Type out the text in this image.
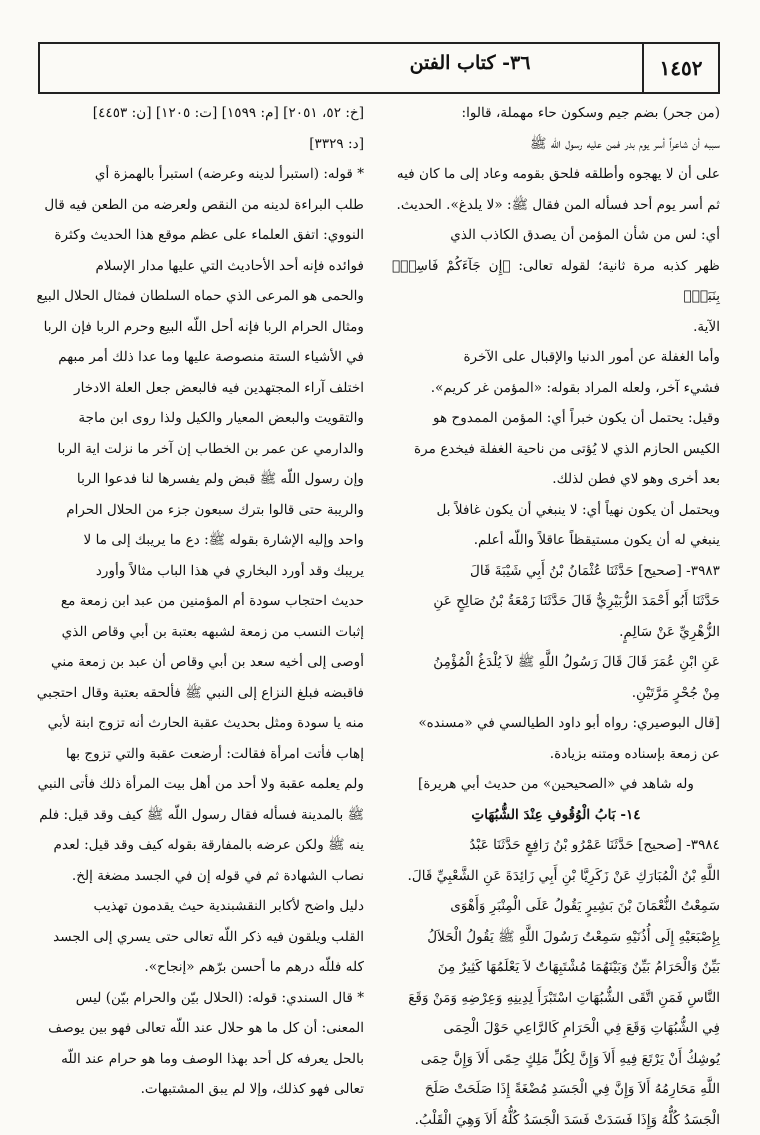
١٤٥٢
٣٦- كتاب الفتن

(من جحر) بضم جيم وسكون حاء مهملة، قالوا:

سببه أن شاعراً أسر يوم بدر فمن عليه رسول اللّه ﷺ

على أن لا يهجوه وأطلقه فلحق بقومه وعاد إلى ما كان فيه

ثم أسر يوم أحد فسأله المن فقال ﷺ: «لا يلدغ». الحديث.

أي: لس من شأن المؤمن أن يصدق الكاذب الذي

ظهر كذبه مرة ثانية؛ لقوله تعالى: ﴿إِن جَآءَكُمْ فَاسِقُۢ بِنَبَإٖ﴾

الآية.

وأما الغفلة عن أمور الدنيا والإقبال على الآخرة

فشيء آخر، ولعله المراد بقوله: «المؤمن غر كريم».

وقيل: يحتمل أن يكون خبراً أي: المؤمن الممدوح هو

الكيس الحازم الذي لا يُؤتى من ناحية الغفلة فيخدع مرة

بعد أخرى وهو لاي فطن لذلك.

ويحتمل أن يكون نهياً أي: لا ينبغي أن يكون غافلاً بل

ينبغي له أن يكون مستيقظاً عاقلاً واللّه أعلم.

٣٩٨٣- [صحيح] حَدَّثَنَا عُثْمَانُ بْنُ أَبِي شَيْبَةَ قَالَ

حَدَّثَنَا أَبُو أَحْمَدَ الزُّبَيْرِيُّ قَالَ حَدَّثَنَا زَمْعَةُ بْنُ صَالِحٍ عَنِ

الزُّهْرِيِّ عَنْ سَالِمٍ.

عَنِ ابْنِ عُمَرَ قَالَ قَالَ رَسُولُ اللَّهِ ﷺ لاَ يُلْدَغُ الْمُؤْمِنُ

مِنْ جُحْرٍ مَرَّتَيْنِ.

[قال البوصيري: رواه أبو داود الطيالسي في «مسنده»

عن زمعة بإسناده ومتنه بزيادة.

وله شاهد في «الصحيحين» من حديث أبي هريرة]

١٤- بَابُ الْوُقُوفِ عِنْدَ الشُّبُهَاتِ

٣٩٨٤- [صحيح] حَدَّثَنَا عَمْرُو بْنُ رَافِعٍ حَدَّثَنَا عَبْدُ

اللَّهِ بْنُ الْمُبَارَكِ عَنْ زَكَرِيَّا بْنِ أَبِي زَائِدَةَ عَنِ الشَّعْبِيِّ قَالَ.

سَمِعْتُ النُّعْمَانَ بْنَ بَشِيرٍ يَقُولُ عَلَى الْمِنْبَرِ وَأَهْوَى

بِإِصْبَعَيْهِ إِلَى أُذُنَيْهِ سَمِعْتُ رَسُولَ اللَّهِ ﷺ يَقُولُ الْحَلاَلُ

بَيِّنٌ وَالْحَرَامُ بَيِّنٌ وَبَيْنَهُمَا مُشْتَبِهَاتٌ لاَ يَعْلَمُهَا كَثِيرٌ مِنَ

النَّاسِ فَمَنِ اتَّقَى الشُّبُهَاتِ اسْتَبْرَأَ لِدِينِهِ وَعِرْضِهِ وَمَنْ وَقَعَ

فِي الشُّبُهَاتِ وَقَعَ فِي الْحَرَامِ كَالرَّاعِي حَوْلَ الْحِمَى

يُوشِكُ أَنْ يَرْتَعَ فِيهِ أَلاَ وَإِنَّ لِكُلِّ مَلِكٍ حِمًى أَلاَ وَإِنَّ حِمَى

اللَّهِ مَحَارِمُهُ أَلاَ وَإِنَّ فِي الْجَسَدِ مُضْغَةً إِذَا صَلَحَتْ صَلَحَ

الْجَسَدُ كُلُّهُ وَإِذَا فَسَدَتْ فَسَدَ الْجَسَدُ كُلُّهُ أَلاَ وَهِيَ الْقَلْبُ.

[خ: ٥٢، ٢٠٥١] [م: ١٥٩٩] [ت: ١٢٠٥] [ن: ٤٤٥٣]

[د: ٣٣٢٩]

* قوله: (استبرأ لدينه وعرضه) استبرأ بالهمزة أي

طلب البراءة لدينه من النقص ولعرضه من الطعن فيه قال

النووي: اتفق العلماء على عظم موقع هذا الحديث وكثرة

فوائده فإنه أحد الأحاديث التي عليها مدار الإسلام

والحمى هو المرعى الذي حماه السلطان فمثال الحلال البيع

ومثال الحرام الربا فإنه أحل اللّه البيع وحرم الربا فإن الربا

في الأشياء الستة منصوصة عليها وما عدا ذلك أمر مبهم

اختلف آراء المجتهدين فيه فالبعض جعل العلة الادخار

والتقويت والبعض المعيار والكيل ولذا روى ابن ماجة

والدارمي عن عمر بن الخطاب إن آخر ما نزلت اية الربا

وإن رسول اللّه ﷺ قبض ولم يفسرها لنا فدعوا الربا

والريبة حتى قالوا بترك سبعون جزء من الحلال الحرام

واحد وإليه الإشارة بقوله ﷺ: دع ما يريبك إلى ما لا

يريبك وقد أورد البخاري في هذا الباب مثالاً وأورد

حديث احتجاب سودة أم المؤمنين من عبد ابن زمعة مع

إثبات النسب من زمعة لشبهه بعتبة بن أبي وقاص الذي

أوصى إلى أخيه سعد بن أبي وقاص أن عبد بن زمعة مني

فاقبضه فبلغ النزاع إلى النبي ﷺ فألحقه بعتبة وقال احتجبي

منه يا سودة ومثل بحديث عقبة الحارث أنه تزوج ابنة لأبي

إهاب فأتت امرأة فقالت: أرضعت عقبة والتي تزوج بها

ولم يعلمه عقبة ولا أحد من أهل بيت المرأة ذلك فأتى النبي

ﷺ بالمدينة فسأله فقال رسول اللّه ﷺ كيف وقد قيل: فلم

ينه ﷺ ولكن عرضه بالمفارقة بقوله كيف وقد قيل: لعدم

نصاب الشهادة ثم في قوله إن في الجسد مضغة إلخ.

دليل واضح لأكابر النقشبندية حيث يقدمون تهذيب

القلب ويلقون فيه ذكر اللّه تعالى حتى يسري إلى الجسد

كله فللّه درهم ما أحسن برّهم «إنجاح».

* قال السندي: قوله: (الحلال بيّن والحرام بيّن) ليس

المعنى: أن كل ما هو حلال عند اللّه تعالى فهو بين يوصف

بالحل يعرفه كل أحد بهذا الوصف وما هو حرام عند اللّه

تعالى فهو كذلك، وإلا لم يبق المشتبهات.
